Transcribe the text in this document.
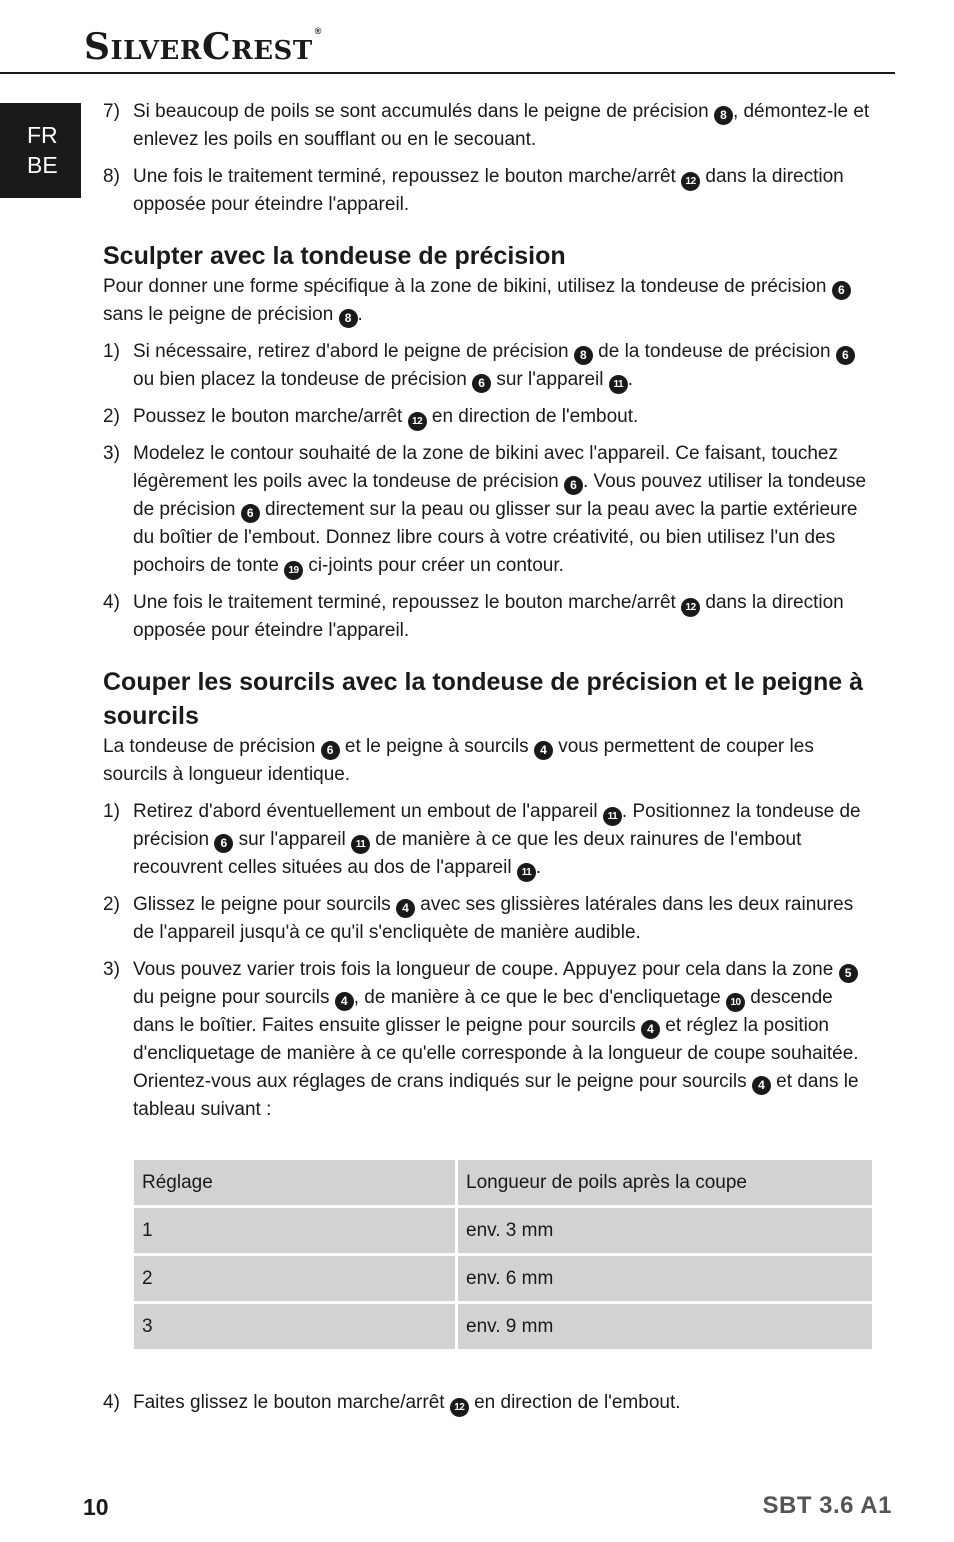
SILVERCREST®
FR
BE
7) Si beaucoup de poils se sont accumulés dans le peigne de précision 8 , démontez-le et enlevez les poils en soufflant ou en le secouant.
8) Une fois le traitement terminé, repoussez le bouton marche/arrêt 12 dans la direction opposée pour éteindre l'appareil.
Sculpter avec la tondeuse de précision

Pour donner une forme spécifique à la zone de bikini, utilisez la tondeuse de précision 6 sans le peigne de précision 8 .

1) Si nécessaire, retirez d'abord le peigne de précision 8 de la tondeuse de précision 6 ou bien placez la tondeuse de précision 6 sur l'appareil 11 .
2) Poussez le bouton marche/arrêt 12 en direction de l'embout.
3) Modelez le contour souhaité de la zone de bikini avec l'appareil. Ce faisant, touchez légèrement les poils avec la tondeuse de précision 6 . Vous pouvez utiliser la tondeuse de précision 6 directement sur la peau ou glisser sur la peau avec la partie extérieure du boîtier de l'embout. Donnez libre cours à votre créativité, ou bien utilisez l'un des pochoirs de tonte 19 ci-joints pour créer un contour.
4) Une fois le traitement terminé, repoussez le bouton marche/arrêt 12 dans la direction opposée pour éteindre l'appareil.
Couper les sourcils avec la tondeuse de précision et le peigne à sourcils

La tondeuse de précision 6 et le peigne à sourcils 4 vous permettent de couper les sourcils à longueur identique.

1) Retirez d'abord éventuellement un embout de l'appareil 11 . Positionnez la tondeuse de précision 6 sur l'appareil 11 de manière à ce que les deux rainures de l'embout recouvrent celles situées au dos de l'appareil 11 .
2) Glissez le peigne pour sourcils 4 avec ses glissières latérales dans les deux rainures de l'appareil jusqu'à ce qu'il s'encliquète de manière audible.
3) Vous pouvez varier trois fois la longueur de coupe. Appuyez pour cela dans la zone 5 du peigne pour sourcils 4 , de manière à ce que le bec d'encliquetage 10 descende dans le boîtier. Faites ensuite glisser le peigne pour sourcils 4 et réglez la position d'encliquetage de manière à ce qu'elle corresponde à la longueur de coupe souhaitée. Orientez-vous aux réglages de crans indiqués sur le peigne pour sourcils 4 et dans le tableau suivant :
Réglage	Longueur de poils après la coupe
1	env. 3 mm
2	env. 6 mm
3	env. 9 mm
4) Faites glissez le bouton marche/arrêt 12 en direction de l'embout.
10	SBT 3.6 A1
